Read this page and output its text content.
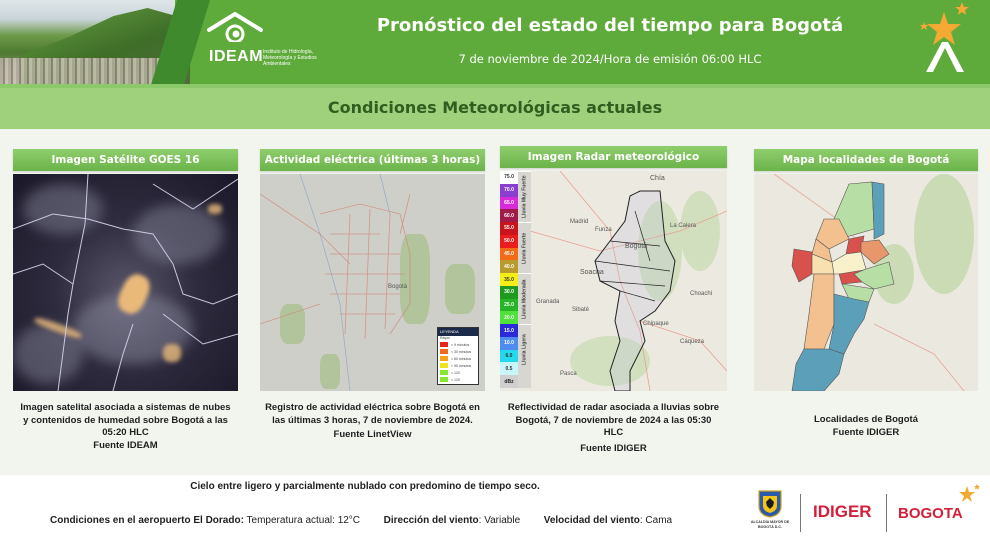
IDEAM Instituto de Hidrología, Meteorología y Estudios Ambientales
Pronóstico del estado del tiempo para Bogotá
7 de noviembre de 2024/Hora de emisión 06:00 HLC
Condiciones Meteorológicas actuales
Imagen Satélite GOES 16
Imagen satelital asociada a sistemas de nubes
y contenidos de humedad sobre Bogotá a las
05:20 HLC
Fuente IDEAM
Actividad eléctrica (últimas 3 horas)
Bogotá
LEYENDA
Rayos
< 9 minutos
< 30 minutos
< 60 minutos
< 90 minutos
< 120
< 120
Registro de actividad eléctrica sobre Bogotá en
las últimas 3 horas, 7 de noviembre de 2024.
Fuente LinetView
Imagen Radar meteorológico
Chía
Bogotá
Soacha
La Calera
Madrid
Funza
Granada
Sibaté
Choachí
Chipaque
Cáqueza
Pasca
75.0
70.0
65.0
60.0
55.0
50.0
45.0
40.0
35.0
30.0
25.0
20.0
15.0
10.0
6.0
0.5
dBz
Lluvia Muy Fuerte
Lluvia Fuerte
Lluvia Moderada
Lluvia Ligera
Reflectividad de radar asociada a lluvias sobre
Bogotá, 7 de noviembre de 2024 a las 05:30
HLC
Fuente IDIGER
Mapa localidades de Bogotá
Localidades de Bogotá
Fuente IDIGER
Cielo entre ligero y parcialmente nublado con predomino de tiempo seco.
Condiciones en el aeropuerto El Dorado: Temperatura actual: 12°C Dirección del viento: Variable Velocidad del viento: Cama	ALCALDÍA MAYOR DE BOGOTÁ D.C.
IDIGER BOGOTA
